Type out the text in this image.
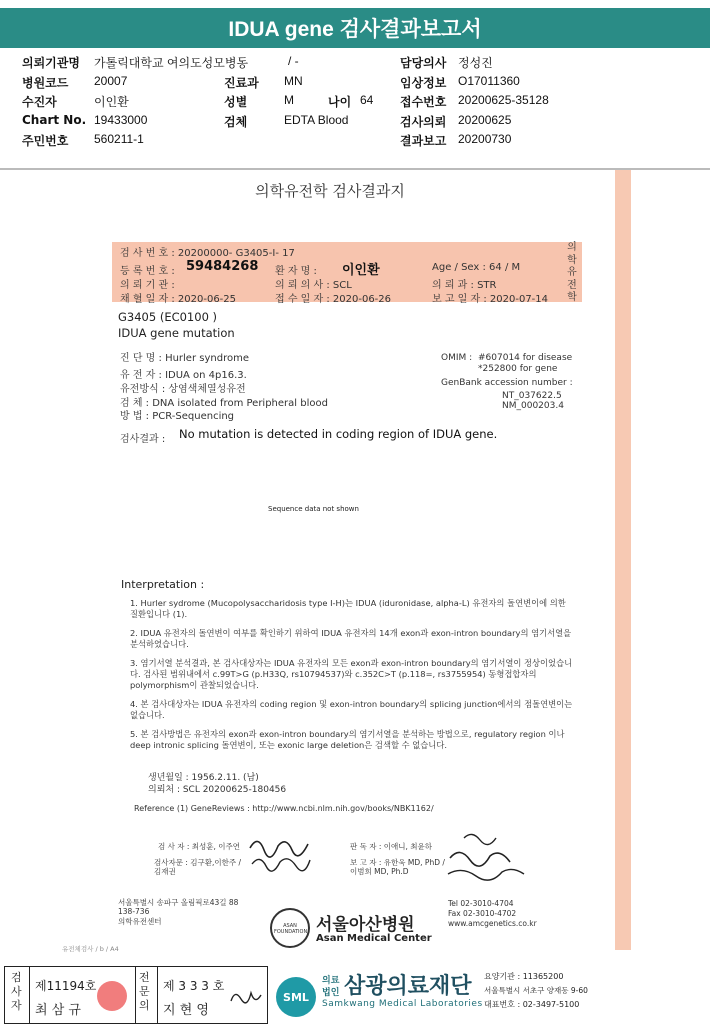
IDUA gene 검사결과보고서
의뢰기관명 가톨릭대학교 여의도성모병동	/ -	담당의사 정성진
병원코드 20007	진료과 MN	임상정보 O17011360
수진자	이인환	성별	M	나이 64 접수번호 20200625-35128
Chart No. 19433000	검체	EDTA Blood	검사의뢰 20200625
주민번호 560211-1	결과보고 20200730
의학유전학 검사결과지
의학유전학
검 사 번 호 : 20200000- G3405-I- 17
등 록 번 호 : 59484268 환 자 명 : 이인환	Age / Sex : 64 / M
의 뢰 기 관 :	의 뢰 의 사 : SCL	의 뢰 과 : STR
채 혈 일 자 : 2020-06-25	접 수 일 자 : 2020-06-26	보 고 일 자 : 2020-07-14
G3405 (EC0100 )
IDUA gene mutation
진 단 명 : Hurler syndrome
유 전 자 : IDUA on 4p16.3.
유전방식 : 상염색체열성유전
검 체 : DNA isolated from Peripheral blood
방 법 : PCR-Sequencing
OMIM : #607014 for disease
*252800 for gene
GenBank accession number :
NT_037622.5
NM_000203.4
검사결과 : No mutation is detected in coding region of IDUA gene.
Sequence data not shown
Interpretation :

1. Hurler sydrome (Mucopolysaccharidosis type I-H)는 IDUA (iduronidase, alpha-L) 유전자의 돌연변이에 의한 질환입니다 (1).

2. IDUA 유전자의 돌연변이 여부를 확인하기 위하여 IDUA 유전자의 14개 exon과 exon-intron boundary의 염기서열을 분석하였습니다.

3. 염기서열 분석결과, 본 검사대상자는 IDUA 유전자의 모든 exon과 exon-intron boundary의 염기서열이 정상이었습니다. 검사된 범위내에서 c.99T>G (p.H33Q, rs10794537)와 c.352C>T (p.118=, rs3755954) 동형접합자의 polymorphism이 관찰되었습니다.

4. 본 검사대상자는 IDUA 유전자의 coding region 및 exon-intron boundary의 splicing junction에서의 점돌연변이는 없습니다.

5. 본 검사방법은 유전자의 exon과 exon-intron boundary의 염기서열을 분석하는 방법으로, regulatory region 이나 deep intronic splicing 돌연변이, 또는 exonic large deletion은 검색할 수 없습니다.

생년월일 : 1956.2.11. (남)
의뢰처 : SCL 20200625-180456
Reference (1) GeneReviews : http://www.ncbi.nlm.nih.gov/books/NBK1162/
검 사 자 : 최성훈, 이주연
검사자문 : 김구환,이한주 / 김재권
판 독 자 : 이애니, 최윤하
보 고 자 : 유한욱 MD, PhD / 이범희 MD, Ph.D
서울특별시 송파구 올림픽로43길 88
138-736
의학유전센터	ASAN FOUNDATION 서울아산병원
Asan Medical Center
Tel 02-3010-4704
Fax 02-3010-4702
www.amcgenetics.co.kr
유전체검사 / b / A4
검사자
제11194호
최 삼 규
전문의
제 3 3 3 호
지 현 영
SML
의료
법인 삼광의료재단
Samkwang Medical Laboratories
요양기관 : 11365200
서울특별시 서초구 양재동 9-60
대표번호 : 02-3497-5100
